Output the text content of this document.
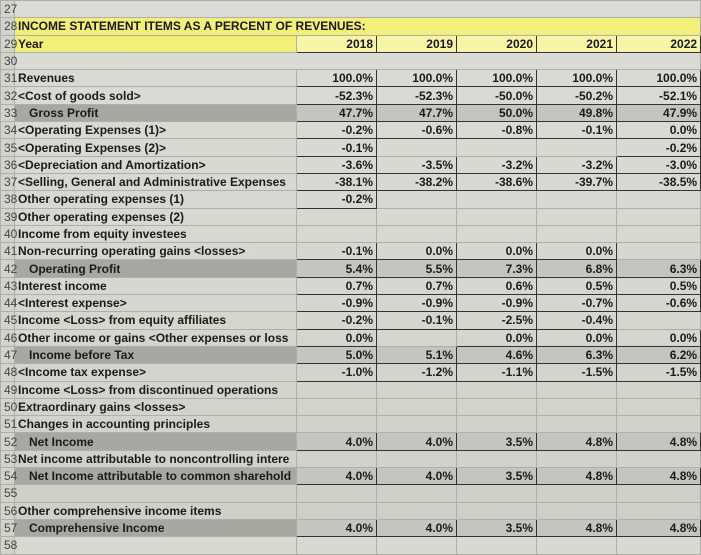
27						
28	INCOME STATEMENT ITEMS AS A PERCENT OF REVENUES:					
29	Year	2018	2019	2020	2021	2022
30						
31	Revenues	100.0%	100.0%	100.0%	100.0%	100.0%
32	<Cost of goods sold>	-52.3%	-52.3%	-50.0%	-50.2%	-52.1%
33	Gross Profit	47.7%	47.7%	50.0%	49.8%	47.9%
34	<Operating Expenses (1)>	-0.2%	-0.6%	-0.8%	-0.1%	0.0%
35	<Operating Expenses (2)>	-0.1%				-0.2%
36	<Depreciation and Amortization>	-3.6%	-3.5%	-3.2%	-3.2%	-3.0%
37	<Selling, General and Administrative Expenses	-38.1%	-38.2%	-38.6%	-39.7%	-38.5%
38	Other operating expenses (1)	-0.2%				
39	Other operating expenses (2)					
40	Income from equity investees					
41	Non-recurring operating gains <losses>	-0.1%	0.0%	0.0%	0.0%	
42	Operating Profit	5.4%	5.5%	7.3%	6.8%	6.3%
43	Interest income	0.7%	0.7%	0.6%	0.5%	0.5%
44	<Interest expense>	-0.9%	-0.9%	-0.9%	-0.7%	-0.6%
45	Income <Loss> from equity affiliates	-0.2%	-0.1%	-2.5%	-0.4%	
46	Other income or gains <Other expenses or loss	0.0%		0.0%	0.0%	0.0%
47	Income before Tax	5.0%	5.1%	4.6%	6.3%	6.2%
48	<Income tax expense>	-1.0%	-1.2%	-1.1%	-1.5%	-1.5%
49	Income <Loss> from discontinued operations					
50	Extraordinary gains <losses>					
51	Changes in accounting principles					
52	Net Income	4.0%	4.0%	3.5%	4.8%	4.8%
53	Net income attributable to noncontrolling intere					
54	Net Income attributable to common sharehold	4.0%	4.0%	3.5%	4.8%	4.8%
55						
56	Other comprehensive income items					
57	Comprehensive Income	4.0%	4.0%	3.5%	4.8%	4.8%
58						
